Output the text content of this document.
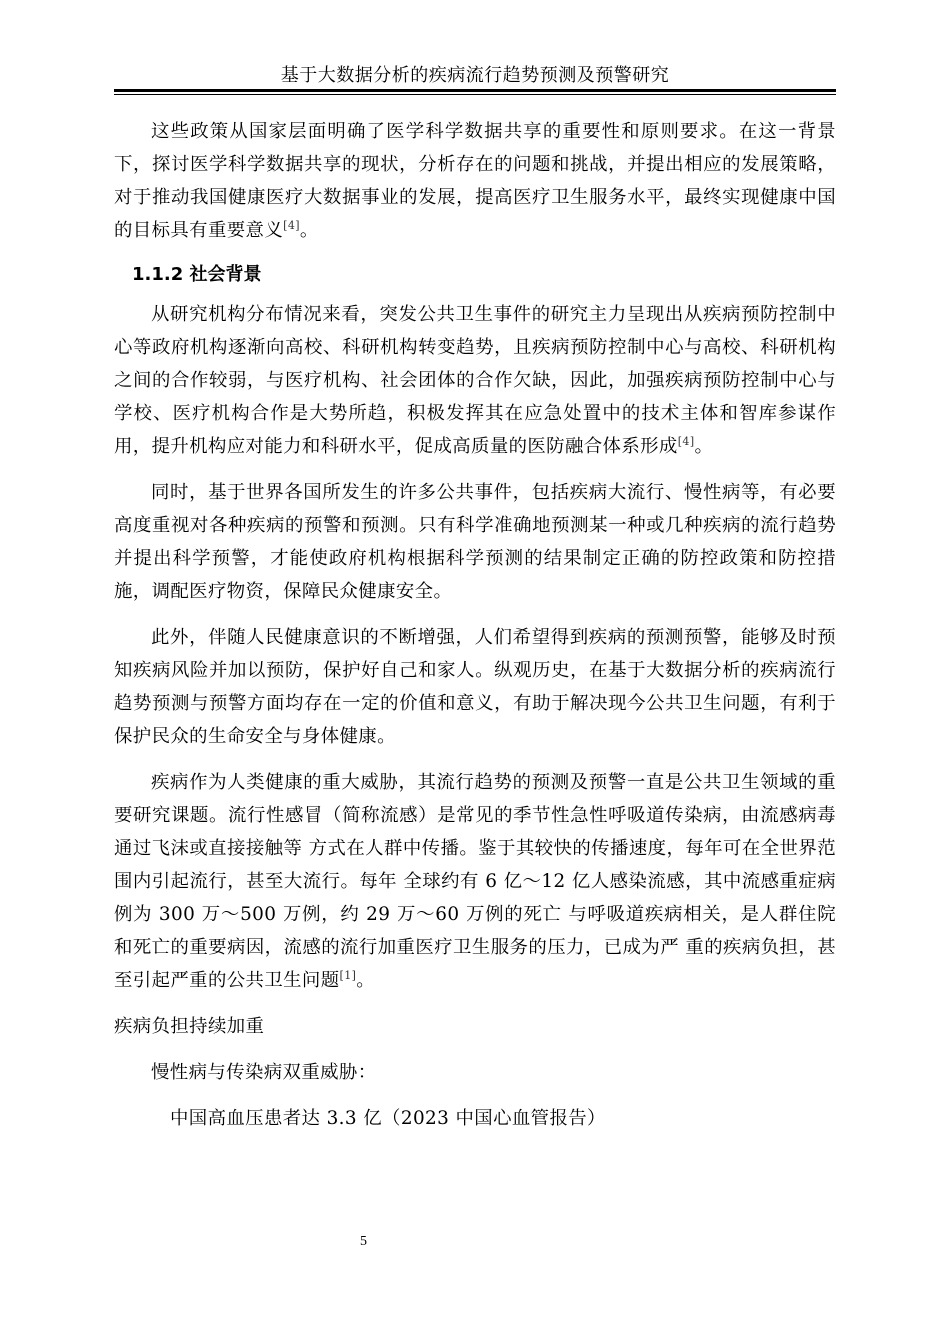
基于大数据分析的疾病流行趋势预测及预警研究

这些政策从国家层面明确了医学科学数据共享的重要性和原则要求。在这一背景下，探讨医学科学数据共享的现状，分析存在的问题和挑战，并提出相应的发展策略，对于推动我国健康医疗大数据事业的发展，提高医疗卫生服务水平，最终实现健康中国的目标具有重要意义[4]。

1.1.2 社会背景

从研究机构分布情况来看，突发公共卫生事件的研究主力呈现出从疾病预防控制中心等政府机构逐渐向高校、科研机构转变趋势，且疾病预防控制中心与高校、科研机构之间的合作较弱，与医疗机构、社会团体的合作欠缺，因此，加强疾病预防控制中心与学校、医疗机构合作是大势所趋，积极发挥其在应急处置中的技术主体和智库参谋作用，提升机构应对能力和科研水平，促成高质量的医防融合体系形成[4]。

同时，基于世界各国所发生的许多公共事件，包括疾病大流行、慢性病等，有必要高度重视对各种疾病的预警和预测。只有科学准确地预测某一种或几种疾病的流行趋势并提出科学预警，才能使政府机构根据科学预测的结果制定正确的防控政策和防控措施，调配医疗物资，保障民众健康安全。

此外，伴随人民健康意识的不断增强，人们希望得到疾病的预测预警，能够及时预知疾病风险并加以预防，保护好自己和家人。纵观历史，在基于大数据分析的疾病流行趋势预测与预警方面均存在一定的价值和意义，有助于解决现今公共卫生问题，有利于保护民众的生命安全与身体健康。

疾病作为人类健康的重大威胁，其流行趋势的预测及预警一直是公共卫生领域的重要研究课题。流行性感冒（简称流感）是常见的季节性急性呼吸道传染病，由流感病毒通过飞沫或直接接触等 方式在人群中传播。鉴于其较快的传播速度，每年可在全世界范围内引起流行，甚至大流行。每年 全球约有 6 亿～12 亿人感染流感，其中流感重症病例为 300 万～500 万例，约 29 万～60 万例的死亡 与呼吸道疾病相关，是人群住院和死亡的重要病因，流感的流行加重医疗卫生服务的压力，已成为严 重的疾病负担，甚至引起严重的公共卫生问题[1]。

疾病负担持续加重

慢性病与传染病双重威胁：

中国高血压患者达 3.3 亿（2023 中国心血管报告）

5
